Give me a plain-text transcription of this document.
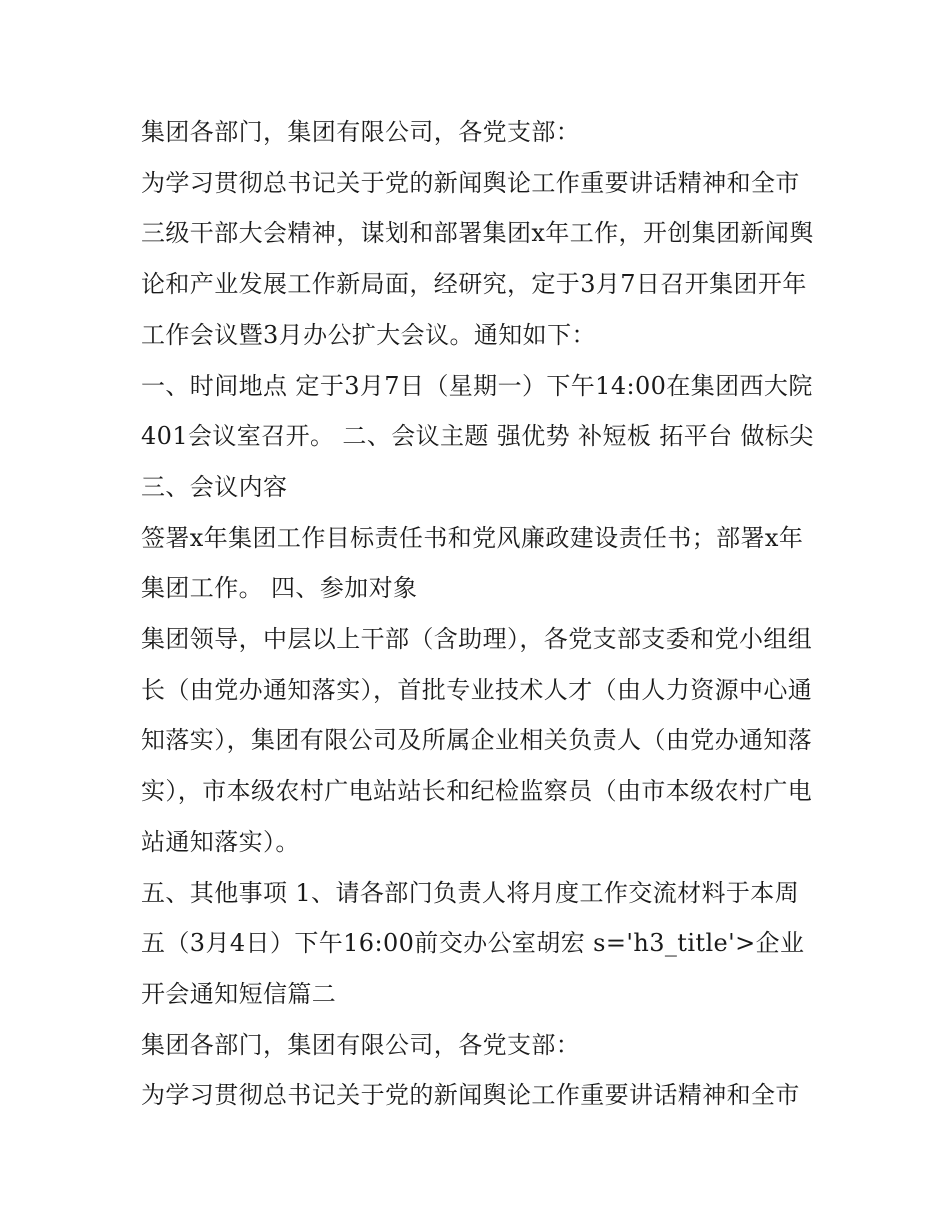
集团各部门，集团有限公司，各党支部：

为学习贯彻总书记关于党的新闻舆论工作重要讲话精神和全市三级干部大会精神，谋划和部署集团x年工作，开创集团新闻舆论和产业发展工作新局面，经研究，定于3月7日召开集团开年工作会议暨3月办公扩大会议。通知如下：

一、时间地点 定于3月7日（星期一）下午14:00在集团西大院401会议室召开。 二、会议主题 强优势 补短板 拓平台 做标尖 三、会议内容

签署x年集团工作目标责任书和党风廉政建设责任书；部署x年集团工作。 四、参加对象

集团领导，中层以上干部（含助理），各党支部支委和党小组组长（由党办通知落实），首批专业技术人才（由人力资源中心通知落实），集团有限公司及所属企业相关负责人（由党办通知落实），市本级农村广电站站长和纪检监察员（由市本级农村广电站通知落实）。

五、其他事项 1、请各部门负责人将月度工作交流材料于本周五（3月4日）下午16:00前交办公室胡宏 s='h3_title'>企业开会通知短信篇二

集团各部门，集团有限公司，各党支部：

为学习贯彻总书记关于党的新闻舆论工作重要讲话精神和全市
